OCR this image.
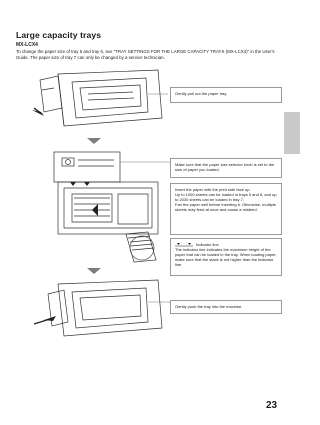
Large capacity trays
MX-LCX4
To change the paper size of tray 5 and tray 6, see "TRAY SETTINGS FOR THE LARGE CAPACITY TRAYS (MX-LCX4)" in the User's Guide. The paper size of tray 7 can only be changed by a service technician.
Gently pull out the paper tray.
Make sure that the paper size selector knob is set to the size of paper you loaded.
Insert the paper with the print side face up.
Up to 1000 sheets can be loaded in trays 5 and 6, and up to 2030 sheets can be loaded in tray 7.
Fan the paper well before inserting it. Otherwise, multiple sheets may feed at once and cause a misfeed.
Indicator line
The indicator line indicates the maximum height of the paper that can be loaded in the tray. When loading paper, make sure that the stack is not higher than the indicator line.
Gently push the tray into the machine.
23
